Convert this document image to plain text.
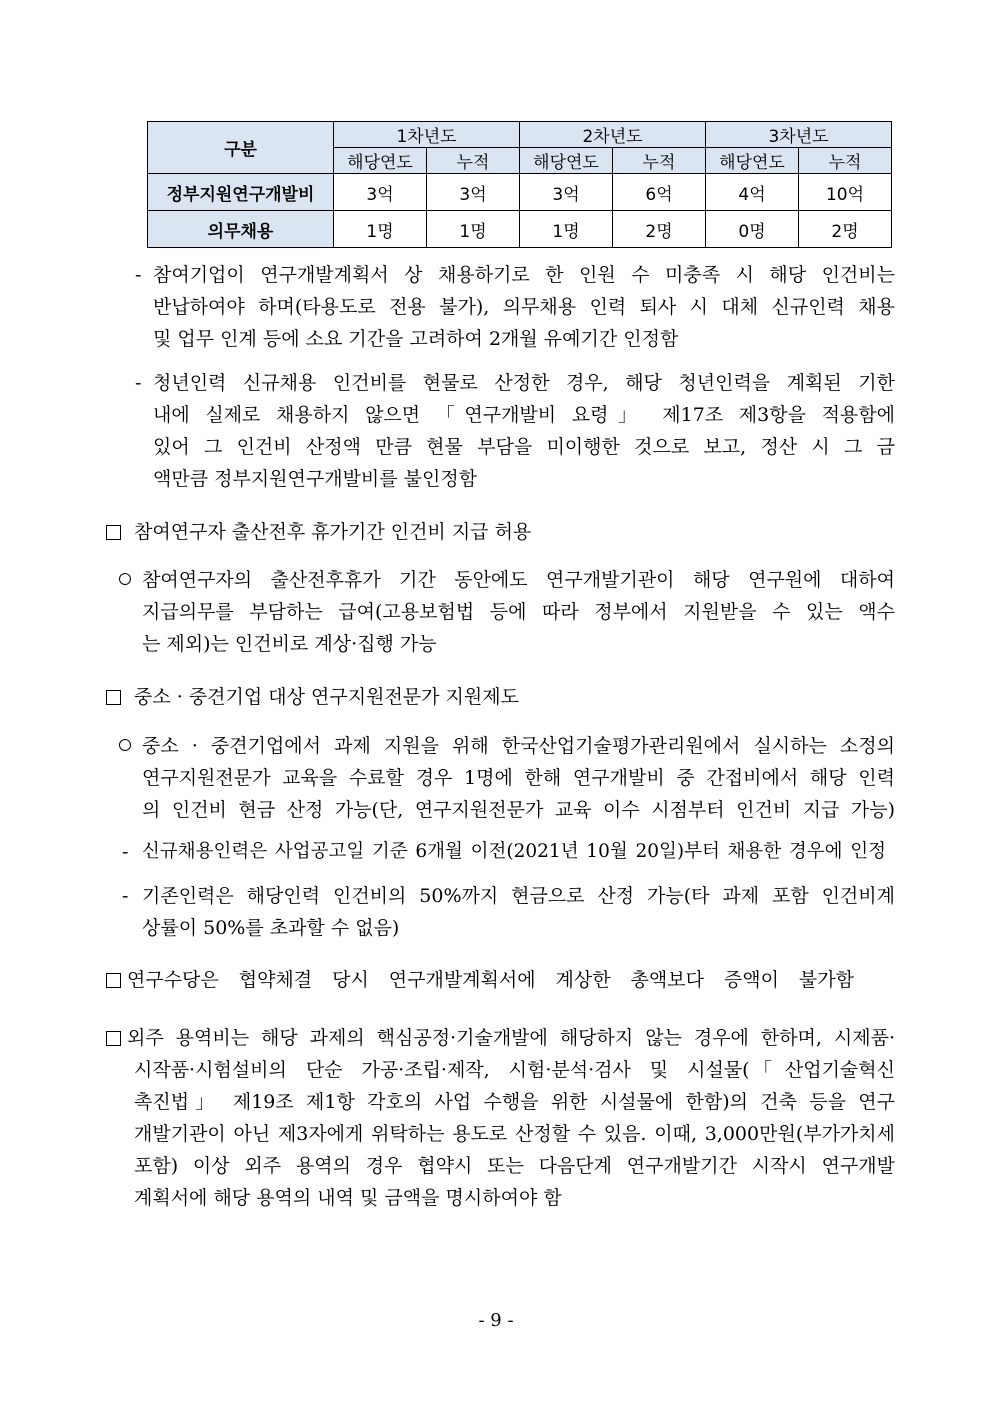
구분	1차년도		2차년도		3차년도	
	해당연도	누적	해당연도	누적	해당연도	누적
정부지원연구개발비	3억	3억	3억	6억	4억	10억
의무채용	1명	1명	1명	2명	0명	2명
- 참여기업이 연구개발계획서 상 채용하기로 한 인원 수 미충족 시 해당 인건비는
반납하여야 하며(타용도로 전용 불가), 의무채용 인력 퇴사 시 대체 신규인력 채용
및 업무 인계 등에 소요 기간을 고려하여 2개월 유예기간 인정함
- 청년인력 신규채용 인건비를 현물로 산정한 경우, 해당 청년인력을 계획된 기한
내에 실제로 채용하지 않으면 「연구개발비 요령」 제17조 제3항을 적용함에
있어 그 인건비 산정액 만큼 현물 부담을 미이행한 것으로 보고, 정산 시 그 금
액만큼 정부지원연구개발비를 불인정함
참여연구자 출산전후 휴가기간 인건비 지급 허용
참여연구자의 출산전후휴가 기간 동안에도 연구개발기관이 해당 연구원에 대하여
지급의무를 부담하는 급여(고용보험법 등에 따라 정부에서 지원받을 수 있는 액수
는 제외)는 인건비로 계상·집행 가능
중소 · 중견기업 대상 연구지원전문가 지원제도
중소 · 중견기업에서 과제 지원을 위해 한국산업기술평가관리원에서 실시하는 소정의
연구지원전문가 교육을 수료할 경우 1명에 한해 연구개발비 중 간접비에서 해당 인력
의 인건비 현금 산정 가능(단, 연구지원전문가 교육 이수 시점부터 인건비 지급 가능)
- 신규채용인력은 사업공고일 기준 6개월 이전(2021년 10월 20일)부터 채용한 경우에 인정
- 기존인력은 해당인력 인건비의 50%까지 현금으로 산정 가능(타 과제 포함 인건비계
상률이 50%를 초과할 수 없음)
연구수당은 협약체결 당시 연구개발계획서에 계상한 총액보다 증액이 불가함
외주 용역비는 해당 과제의 핵심공정·기술개발에 해당하지 않는 경우에 한하며, 시제품·
시작품·시험설비의 단순 가공·조립·제작, 시험·분석·검사 및 시설물(「산업기술혁신
촉진법」 제19조 제1항 각호의 사업 수행을 위한 시설물에 한함)의 건축 등을 연구
개발기관이 아닌 제3자에게 위탁하는 용도로 산정할 수 있음. 이때, 3,000만원(부가가치세
포함) 이상 외주 용역의 경우 협약시 또는 다음단계 연구개발기간 시작시 연구개발
계획서에 해당 용역의 내역 및 금액을 명시하여야 함
- 9 -
